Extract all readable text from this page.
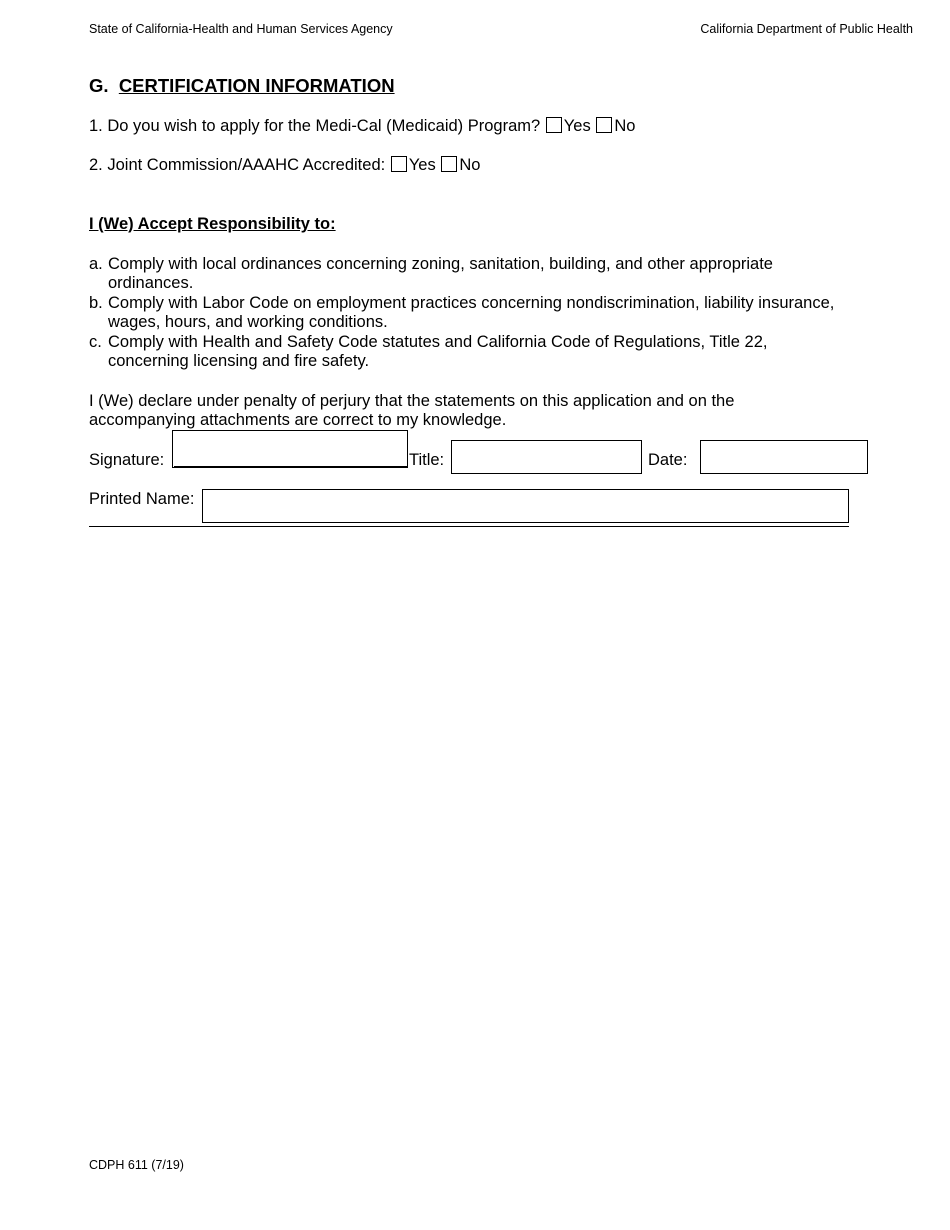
State of California-Health and Human Services Agency	California Department of Public Health
G. CERTIFICATION INFORMATION
1. Do you wish to apply for the Medi-Cal (Medicaid) Program? Yes No
2. Joint Commission/AAAHC Accredited: Yes No
I (We) Accept Responsibility to:
a. Comply with local ordinances concerning zoning, sanitation, building, and other appropriate
ordinances.
b. Comply with Labor Code on employment practices concerning nondiscrimination, liability insurance,
wages, hours, and working conditions.
c. Comply with Health and Safety Code statutes and California Code of Regulations, Title 22,
concerning licensing and fire safety.
I (We) declare under penalty of perjury that the statements on this application and on the
accompanying attachments are correct to my knowledge.
Signature:	Title:	Date:
Printed Name:
CDPH 611 (7/19)
